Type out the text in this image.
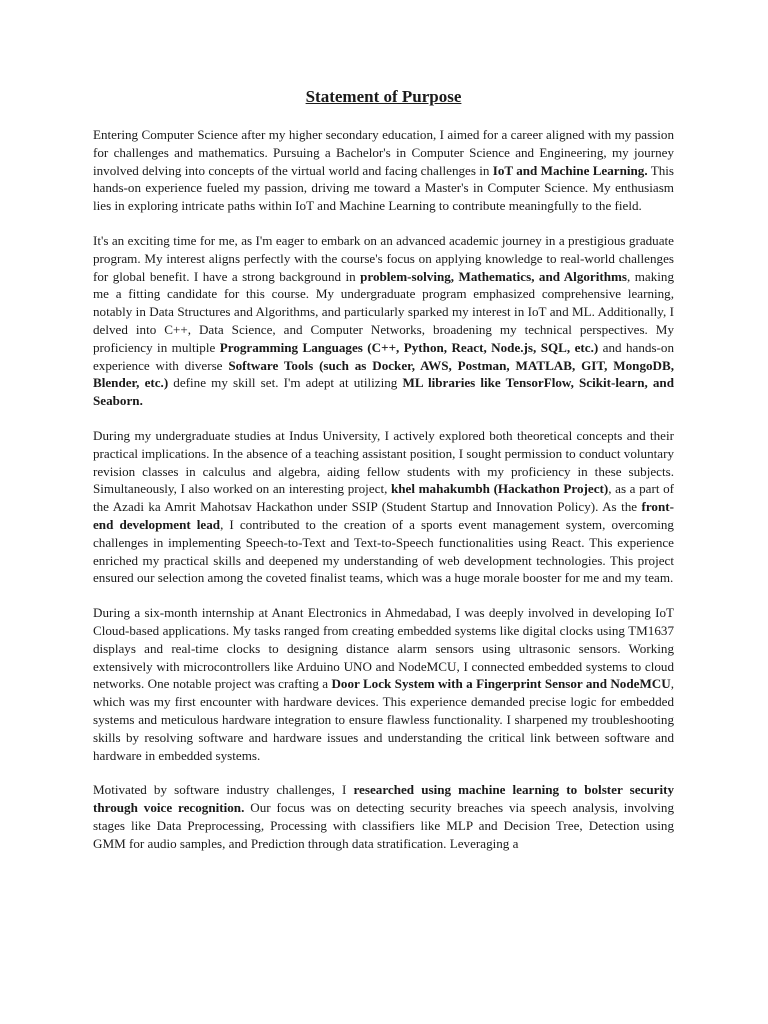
Statement of Purpose

Entering Computer Science after my higher secondary education, I aimed for a career aligned with my passion for challenges and mathematics. Pursuing a Bachelor's in Computer Science and Engineering, my journey involved delving into concepts of the virtual world and facing challenges in IoT and Machine Learning. This hands-on experience fueled my passion, driving me toward a Master's in Computer Science. My enthusiasm lies in exploring intricate paths within IoT and Machine Learning to contribute meaningfully to the field.

It's an exciting time for me, as I'm eager to embark on an advanced academic journey in a prestigious graduate program. My interest aligns perfectly with the course's focus on applying knowledge to real-world challenges for global benefit. I have a strong background in problem-solving, Mathematics, and Algorithms, making me a fitting candidate for this course. My undergraduate program emphasized comprehensive learning, notably in Data Structures and Algorithms, and particularly sparked my interest in IoT and ML. Additionally, I delved into C++, Data Science, and Computer Networks, broadening my technical perspectives. My proficiency in multiple Programming Languages (C++, Python, React, Node.js, SQL, etc.) and hands-on experience with diverse Software Tools (such as Docker, AWS, Postman, MATLAB, GIT, MongoDB, Blender, etc.) define my skill set. I'm adept at utilizing ML libraries like TensorFlow, Scikit-learn, and Seaborn.

During my undergraduate studies at Indus University, I actively explored both theoretical concepts and their practical implications. In the absence of a teaching assistant position, I sought permission to conduct voluntary revision classes in calculus and algebra, aiding fellow students with my proficiency in these subjects. Simultaneously, I also worked on an interesting project, khel mahakumbh (Hackathon Project), as a part of the Azadi ka Amrit Mahotsav Hackathon under SSIP (Student Startup and Innovation Policy). As the front-end development lead, I contributed to the creation of a sports event management system, overcoming challenges in implementing Speech-to-Text and Text-to-Speech functionalities using React. This experience enriched my practical skills and deepened my understanding of web development technologies. This project ensured our selection among the coveted finalist teams, which was a huge morale booster for me and my team.

During a six-month internship at Anant Electronics in Ahmedabad, I was deeply involved in developing IoT Cloud-based applications. My tasks ranged from creating embedded systems like digital clocks using TM1637 displays and real-time clocks to designing distance alarm sensors using ultrasonic sensors. Working extensively with microcontrollers like Arduino UNO and NodeMCU, I connected embedded systems to cloud networks. One notable project was crafting a Door Lock System with a Fingerprint Sensor and NodeMCU, which was my first encounter with hardware devices. This experience demanded precise logic for embedded systems and meticulous hardware integration to ensure flawless functionality. I sharpened my troubleshooting skills by resolving software and hardware issues and understanding the critical link between software and hardware in embedded systems.

Motivated by software industry challenges, I researched using machine learning to bolster security through voice recognition. Our focus was on detecting security breaches via speech analysis, involving stages like Data Preprocessing, Processing with classifiers like MLP and Decision Tree, Detection using GMM for audio samples, and Prediction through data stratification. Leveraging a
